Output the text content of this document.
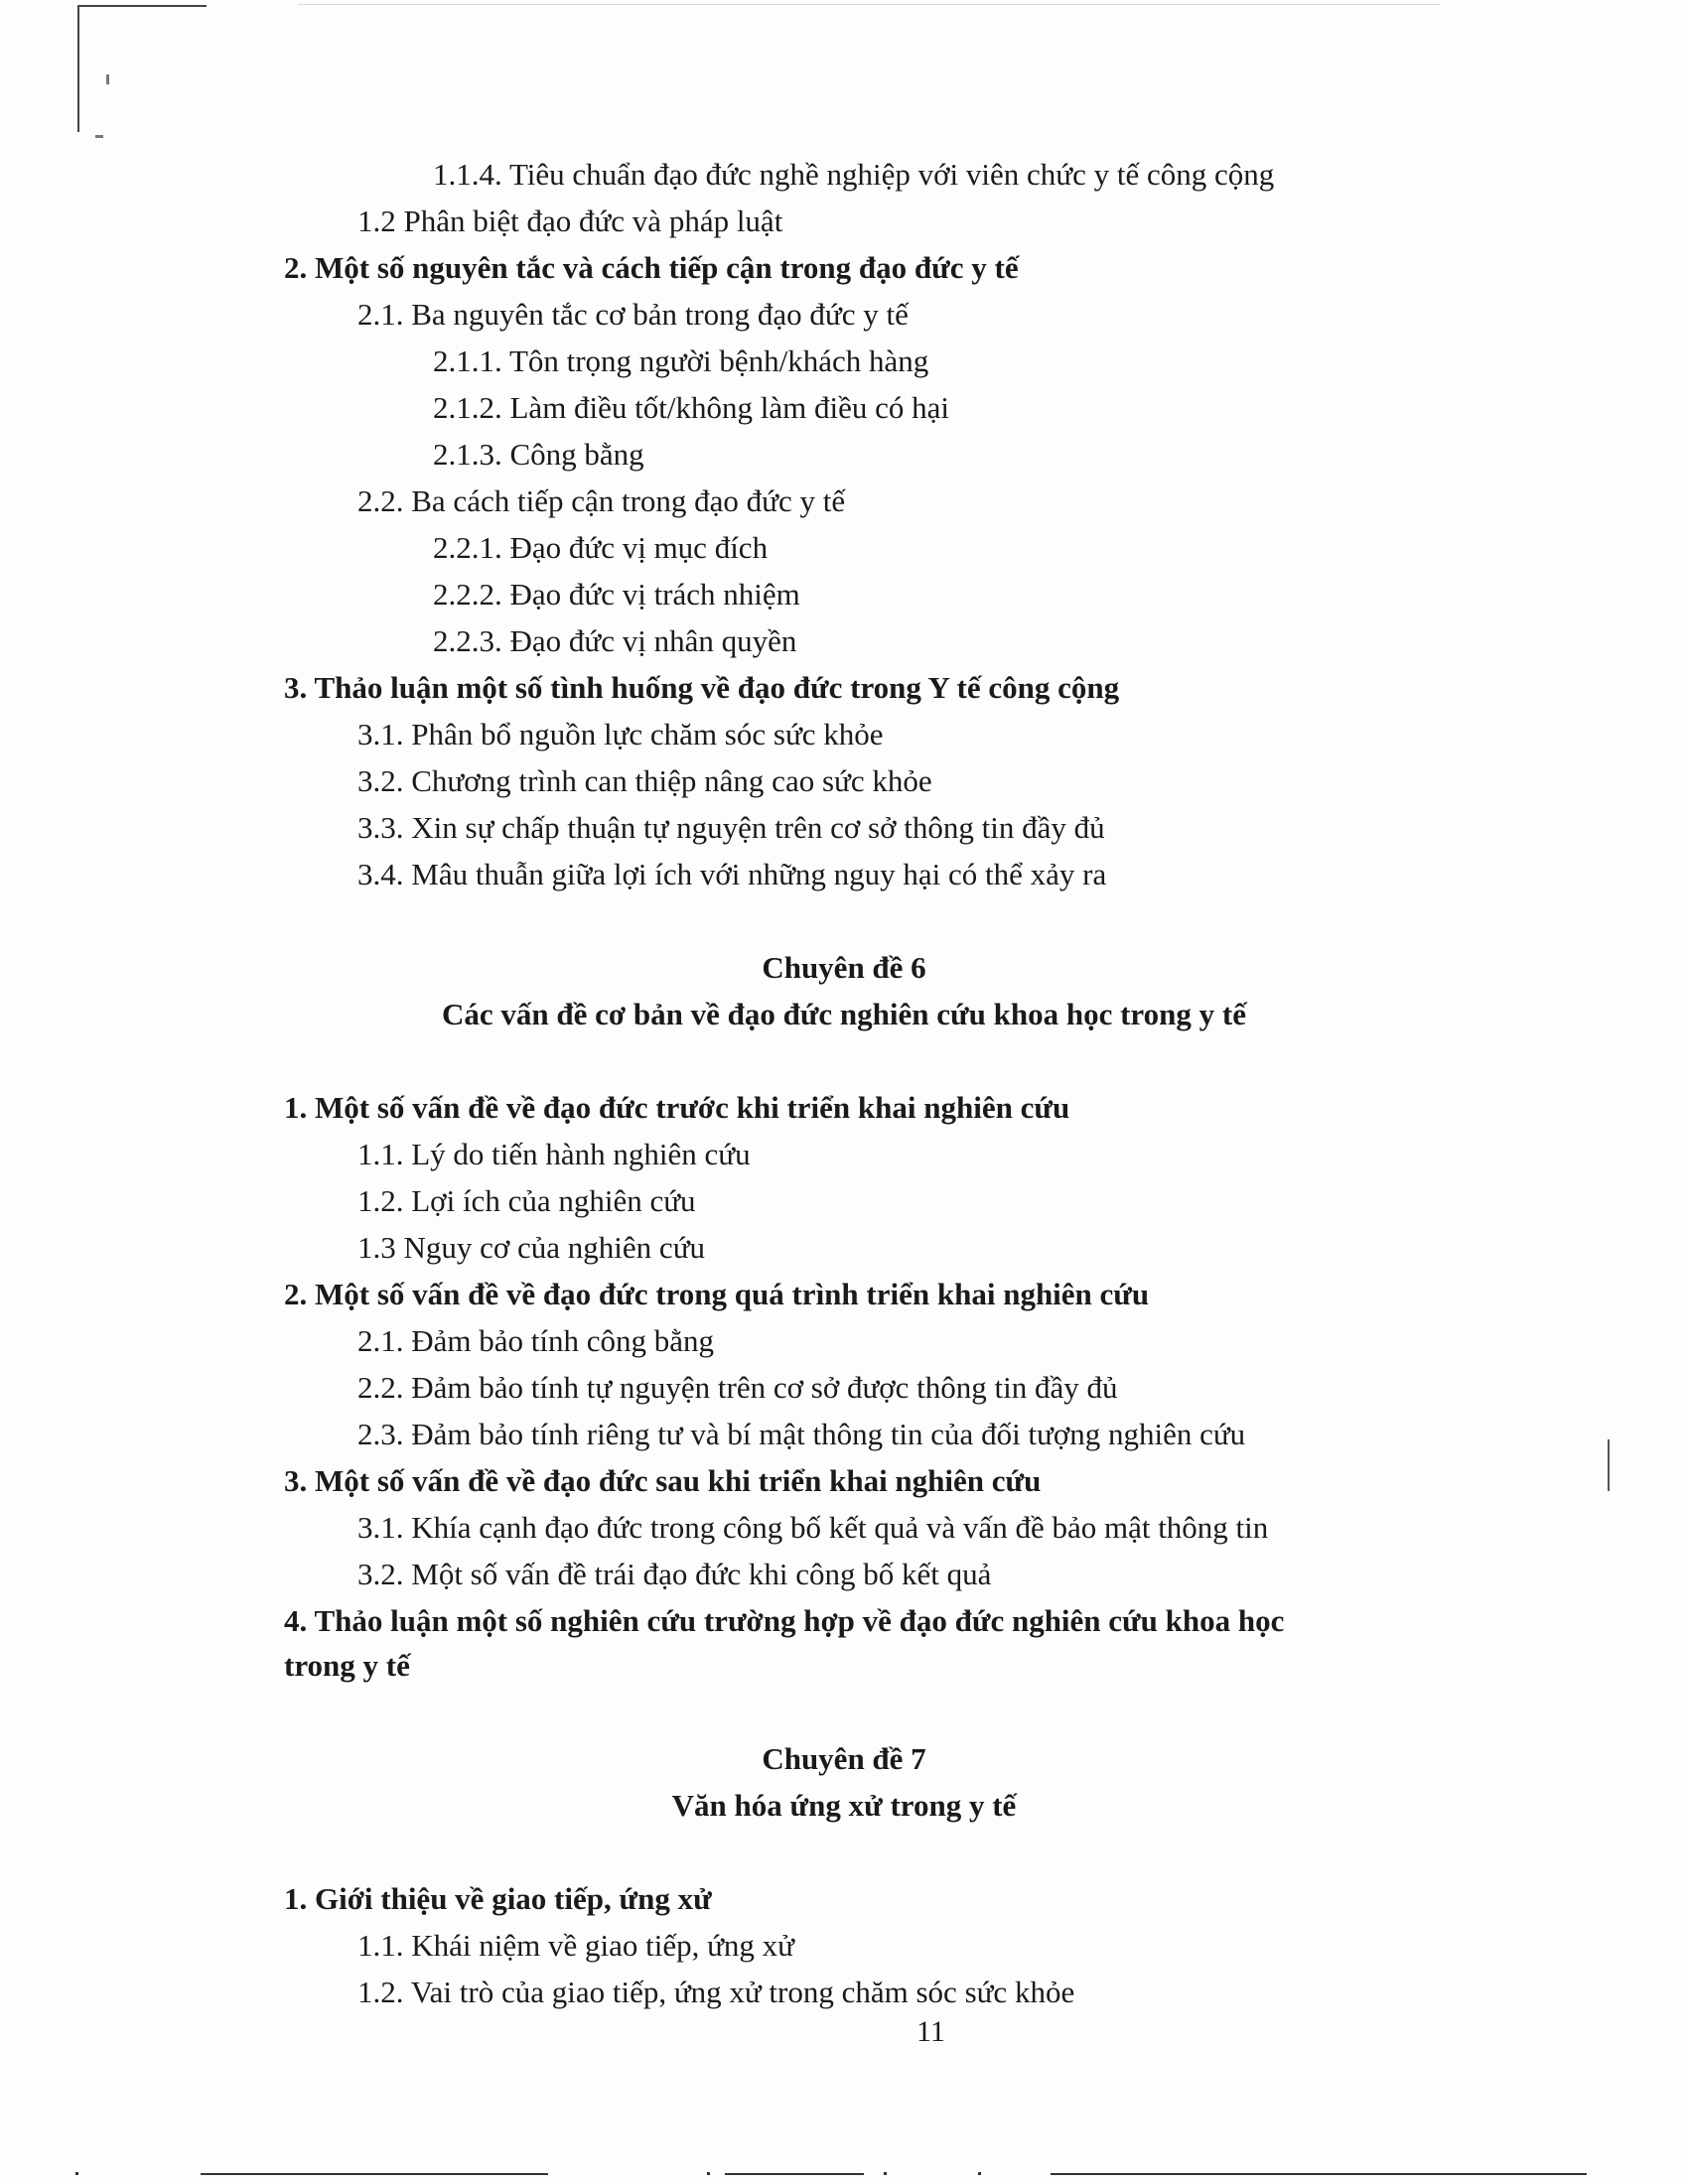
1.1.4. Tiêu chuẩn đạo đức nghề nghiệp với viên chức y tế công cộng
1.2 Phân biệt đạo đức và pháp luật
2. Một số nguyên tắc và cách tiếp cận trong đạo đức y tế
2.1. Ba nguyên tắc cơ bản trong đạo đức y tế
2.1.1. Tôn trọng người bệnh/khách hàng
2.1.2. Làm điều tốt/không làm điều có hại
2.1.3. Công bằng
2.2. Ba cách tiếp cận trong đạo đức y tế
2.2.1. Đạo đức vị mục đích
2.2.2. Đạo đức vị trách nhiệm
2.2.3. Đạo đức vị nhân quyền
3. Thảo luận một số tình huống về đạo đức trong Y tế công cộng
3.1. Phân bổ nguồn lực chăm sóc sức khỏe
3.2. Chương trình can thiệp nâng cao sức khỏe
3.3. Xin sự chấp thuận tự nguyện trên cơ sở thông tin đầy đủ
3.4. Mâu thuẫn giữa lợi ích với những nguy hại có thể xảy ra
Chuyên đề 6
Các vấn đề cơ bản về đạo đức nghiên cứu khoa học trong y tế
1. Một số vấn đề về đạo đức trước khi triển khai nghiên cứu
1.1. Lý do tiến hành nghiên cứu
1.2. Lợi ích của nghiên cứu
1.3 Nguy cơ của nghiên cứu
2. Một số vấn đề về đạo đức trong quá trình triển khai nghiên cứu
2.1. Đảm bảo tính công bằng
2.2. Đảm bảo tính tự nguyện trên cơ sở được thông tin đầy đủ
2.3. Đảm bảo tính riêng tư và bí mật thông tin của đối tượng nghiên cứu
3. Một số vấn đề về đạo đức sau khi triển khai nghiên cứu
3.1. Khía cạnh đạo đức trong công bố kết quả và vấn đề bảo mật thông tin
3.2. Một số vấn đề trái đạo đức khi công bố kết quả
4. Thảo luận một số nghiên cứu trường hợp về đạo đức nghiên cứu khoa học
trong y tế
Chuyên đề 7
Văn hóa ứng xử trong y tế
1. Giới thiệu về giao tiếp, ứng xử
1.1. Khái niệm về giao tiếp, ứng xử
1.2. Vai trò của giao tiếp, ứng xử trong chăm sóc sức khỏe
11
